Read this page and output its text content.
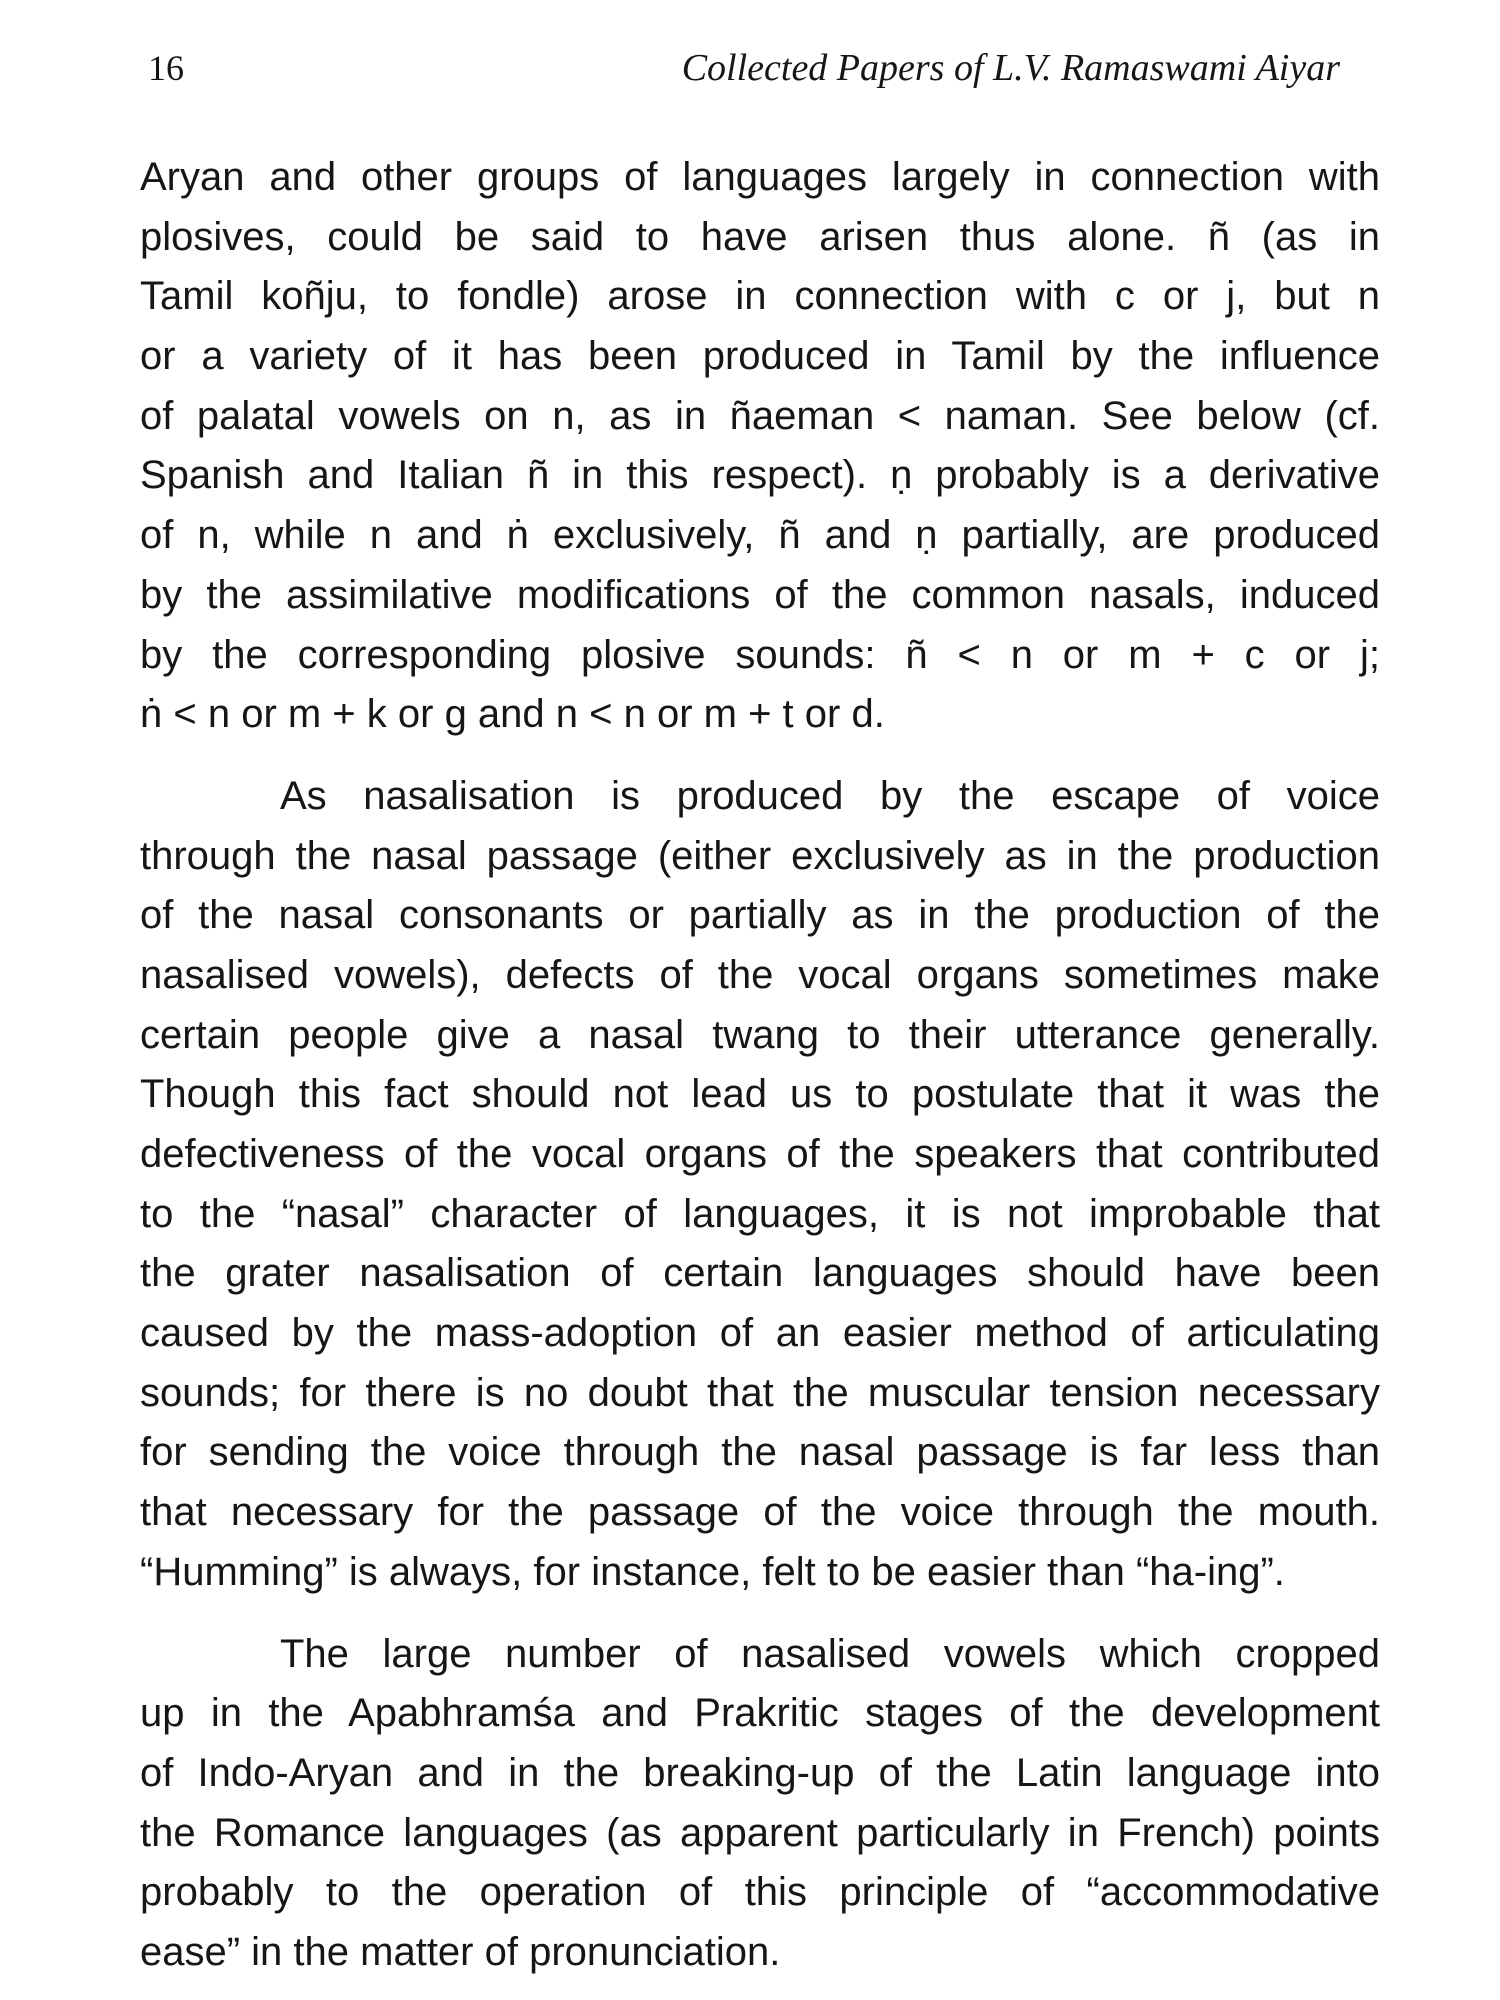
16	Collected Papers of L.V. Ramaswami Aiyar
Aryan and other groups of languages largely in connection with
plosives, could be said to have arisen thus alone. ñ (as in
Tamil koñju, to fondle) arose in connection with c or j, but n
or a variety of it has been produced in Tamil by the influence
of palatal vowels on n, as in ñaeman < naman. See below (cf.
Spanish and Italian ñ in this respect). ṇ probably is a derivative
of n, while n and ṅ exclusively, ñ and ṇ partially, are produced
by the assimilative modifications of the common nasals, induced
by the corresponding plosive sounds: ñ < n or m + c or j;
ṅ < n or m + k or g and n < n or m + t or d.
As nasalisation is produced by the escape of voice
through the nasal passage (either exclusively as in the production
of the nasal consonants or partially as in the production of the
nasalised vowels), defects of the vocal organs sometimes make
certain people give a nasal twang to their utterance generally.
Though this fact should not lead us to postulate that it was the
defectiveness of the vocal organs of the speakers that contributed
to the “nasal” character of languages, it is not improbable that
the grater nasalisation of certain languages should have been
caused by the mass-adoption of an easier method of articulating
sounds; for there is no doubt that the muscular tension necessary
for sending the voice through the nasal passage is far less than
that necessary for the passage of the voice through the mouth.
“Humming” is always, for instance, felt to be easier than “ha-ing”.
The large number of nasalised vowels which cropped
up in the Apabhramśa and Prakritic stages of the development
of Indo-Aryan and in the breaking-up of the Latin language into
the Romance languages (as apparent particularly in French) points
probably to the operation of this principle of “accommodative
ease” in the matter of pronunciation.
